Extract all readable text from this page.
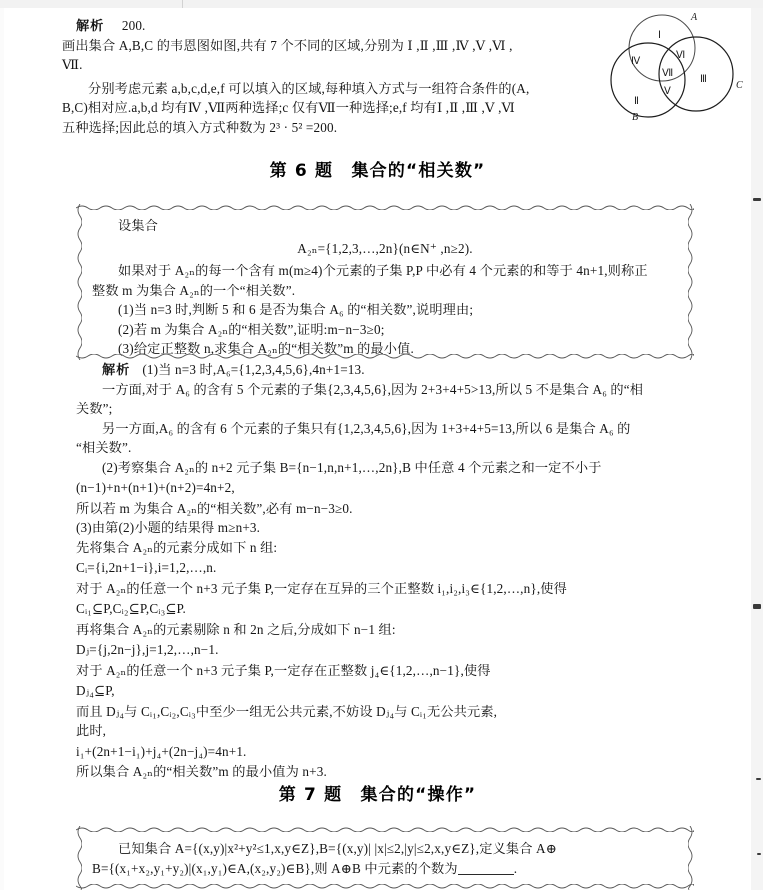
解析 200.
画出集合 A,B,C 的韦恩图如图,共有 7 个不同的区域,分别为 Ⅰ ,Ⅱ ,Ⅲ ,Ⅳ ,Ⅴ ,Ⅵ ,
Ⅶ.
分别考虑元素 a,b,c,d,e,f 可以填入的区域,每种填入方式与一组符合条件的(A,
B,C)相对应.a,b,d 均有Ⅳ ,Ⅶ两种选择;c 仅有Ⅶ一种选择;e,f 均有Ⅰ ,Ⅱ ,Ⅲ ,Ⅴ ,Ⅵ
五种选择;因此总的填入方式种数为 2³ · 5² =200.
A
B
C
Ⅰ
Ⅱ
Ⅲ
Ⅳ
Ⅴ
Ⅵ
Ⅶ
第 6 题　集合的“相关数”
设集合
A₂ₙ={1,2,3,…,2n}(n∈N⁺ ,n≥2).
如果对于 A₂ₙ的每一个含有 m(m≥4)个元素的子集 P,P 中必有 4 个元素的和等于 4n+1,则称正
整数 m 为集合 A₂ₙ的一个“相关数”.
(1)当 n=3 时,判断 5 和 6 是否为集合 A₆ 的“相关数”,说明理由;
(2)若 m 为集合 A₂ₙ的“相关数”,证明:m−n−3≥0;
(3)给定正整数 n,求集合 A₂ₙ的“相关数”m 的最小值.
解析 (1)当 n=3 时,A₆={1,2,3,4,5,6},4n+1=13.
一方面,对于 A₆ 的含有 5 个元素的子集{2,3,4,5,6},因为 2+3+4+5>13,所以 5 不是集合 A₆ 的“相
关数”;
另一方面,A₆ 的含有 6 个元素的子集只有{1,2,3,4,5,6},因为 1+3+4+5=13,所以 6 是集合 A₆ 的
“相关数”.
(2)考察集合 A₂ₙ的 n+2 元子集 B={n−1,n,n+1,…,2n},B 中任意 4 个元素之和一定不小于
(n−1)+n+(n+1)+(n+2)=4n+2,
所以若 m 为集合 A₂ₙ的“相关数”,必有 m−n−3≥0.
(3)由第(2)小题的结果得 m≥n+3.
先将集合 A₂ₙ的元素分成如下 n 组:
Cᵢ={i,2n+1−i},i=1,2,…,n.
对于 A₂ₙ的任意一个 n+3 元子集 P,一定存在互异的三个正整数 i₁,i₂,i₃∈{1,2,…,n},使得
Cᵢ₁⊆P,Cᵢ₂⊆P,Cᵢ₃⊆P.
再将集合 A₂ₙ的元素剔除 n 和 2n 之后,分成如下 n−1 组:
Dⱼ={j,2n−j},j=1,2,…,n−1.
对于 A₂ₙ的任意一个 n+3 元子集 P,一定存在正整数 j₄∈{1,2,…,n−1},使得
Dⱼ₄⊆P,
而且 Dⱼ₄与 Cᵢ₁,Cᵢ₂,Cᵢ₃中至少一组无公共元素,不妨设 Dⱼ₄与 Cᵢ₁无公共元素,
此时,
i₁+(2n+1−i₁)+j₄+(2n−j₄)=4n+1.
所以集合 A₂ₙ的“相关数”m 的最小值为 n+3.
第 7 题　集合的“操作”
已知集合 A={(x,y)|x²+y²≤1,x,y∈Z},B={(x,y)| |x|≤2,|y|≤2,x,y∈Z},定义集合 A⊕
B={(x₁+x₂,y₁+y₂)|(x₁,y₁)∈A,(x₂,y₂)∈B},则 A⊕B 中元素的个数为	.
